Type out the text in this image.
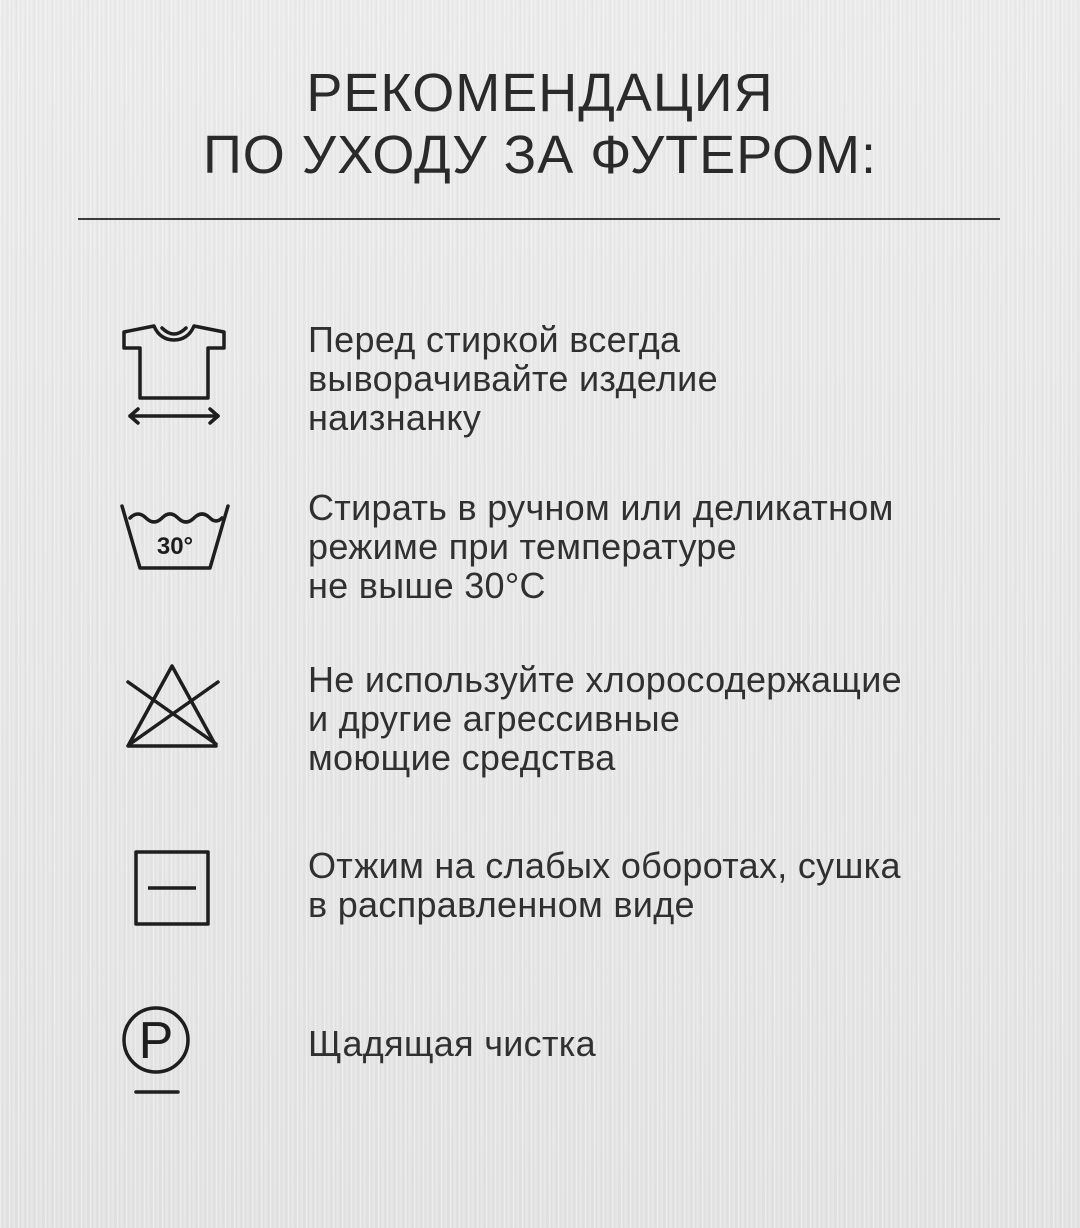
РЕКОМЕНДАЦИЯ
ПО УХОДУ ЗА ФУТЕРОМ:
Перед стиркой всегда
выворачивайте изделие
наизнанку
30°
Стирать в ручном или деликатном
режиме при температуре
не выше 30°С
Не используйте хлоросодержащие
и другие агрессивные
моющие средства
Отжим на слабых оборотах, сушка
в расправленном виде
P	Щадящая чистка
